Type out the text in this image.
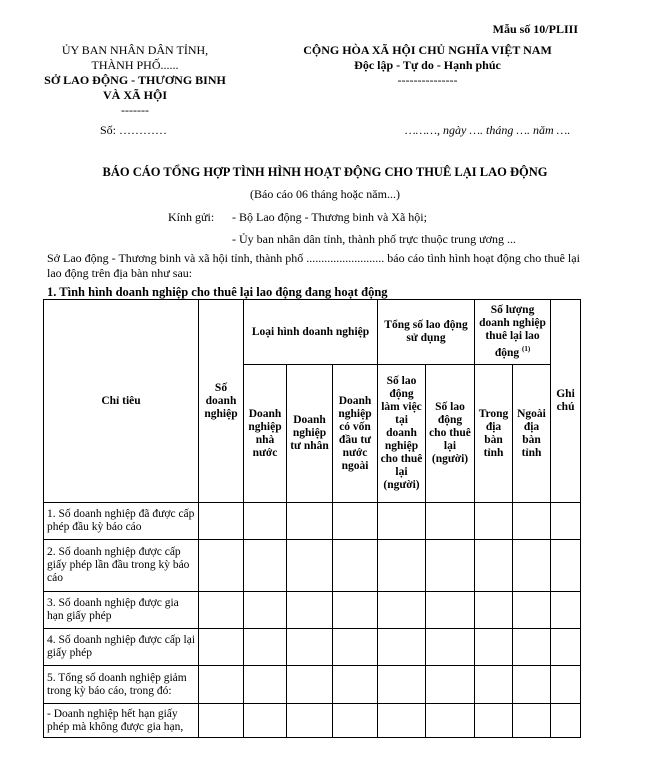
Mẫu số 10/PLIII
ỦY BAN NHÂN DÂN TỈNH,
THÀNH PHỐ......
SỞ LAO ĐỘNG - THƯƠNG BINH
VÀ XÃ HỘI
-------
CỘNG HÒA XÃ HỘI CHỦ NGHĨA VIỆT NAM
Độc lập - Tự do - Hạnh phúc
---------------
Số: …………	………, ngày …. tháng …. năm ….
BÁO CÁO TỔNG HỢP TÌNH HÌNH HOẠT ĐỘNG CHO THUÊ LẠI LAO ĐỘNG
(Báo cáo 06 tháng hoặc năm...)
Kính gửi: - Bộ Lao động - Thương binh và Xã hội;
- Ủy ban nhân dân tỉnh, thành phố trực thuộc trung ương ...
Sở Lao động - Thương binh và xã hội tỉnh, thành phố .......................... báo cáo tình hình hoạt động cho thuê lại lao động trên địa bàn như sau:
1. Tình hình doanh nghiệp cho thuê lại lao động đang hoạt động
Chỉ tiêu	Số doanh nghiệp	Loại hình doanh nghiệp			Tổng số lao động sử dụng		Số lượng doanh nghiệp thuê lại lao động $^{(1)}$		Ghi chú

		Doanh nghiệp nhà nước	Doanh nghiệp tư nhân	Doanh nghiệp có vốn đầu tư nước ngoài	Số lao động làm việc tại doanh nghiệp cho thuê lại (người)	Số lao động cho thuê lại (người)	Trong địa bàn tỉnh	Ngoài địa bàn tỉnh	
1. Số doanh nghiệp đã được cấp phép đầu kỳ báo cáo									
2. Số doanh nghiệp được cấp giấy phép lần đầu trong kỳ báo cáo									
3. Số doanh nghiệp được gia hạn giấy phép									
4. Số doanh nghiệp được cấp lại giấy phép									
5. Tổng số doanh nghiệp giảm trong kỳ báo cáo, trong đó:									
- Doanh nghiệp hết hạn giấy phép mà không được gia hạn,									
